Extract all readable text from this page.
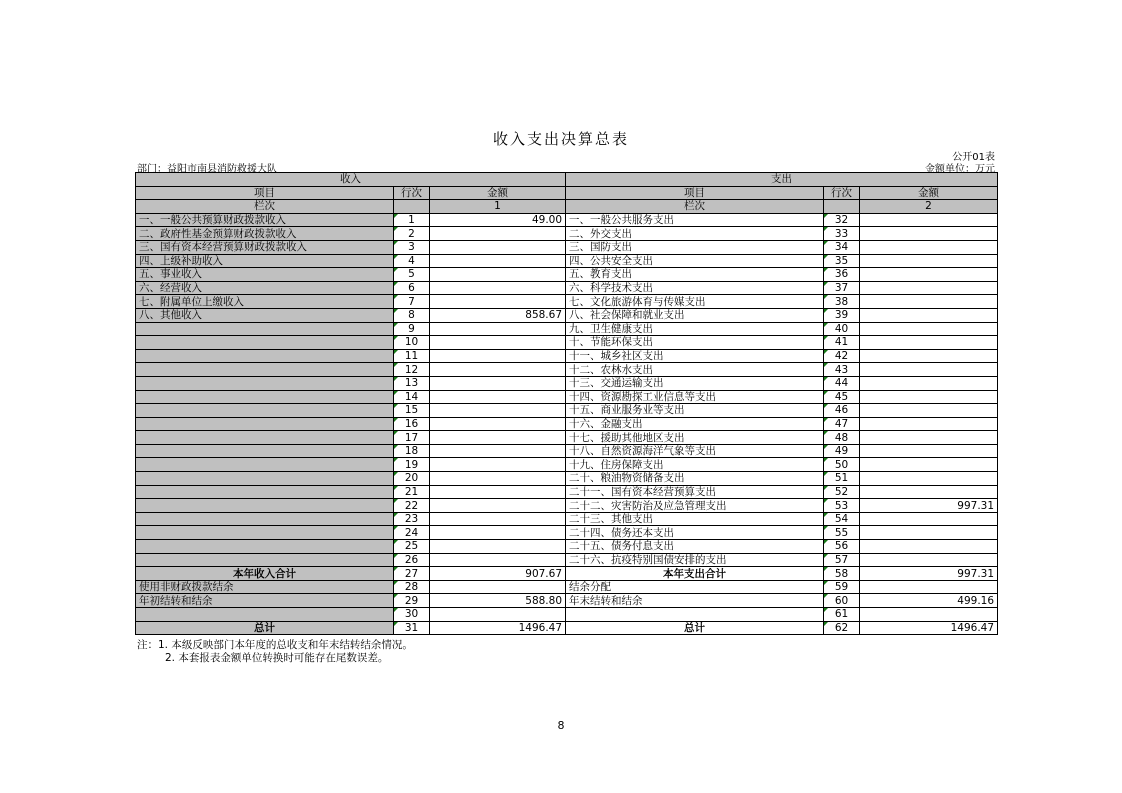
收入支出决算总表
公开01表
部门：益阳市南县消防救援大队	金额单位：万元
收入			支出		
项目	行次	金额	项目	行次	金额
栏次		1	栏次		2
一、一般公共预算财政拨款收入	1	49.00	一、一般公共服务支出	32	
二、政府性基金预算财政拨款收入	2		二、外交支出	33	
三、国有资本经营预算财政拨款收入	3		三、国防支出	34	
四、上级补助收入	4		四、公共安全支出	35	
五、事业收入	5		五、教育支出	36	
六、经营收入	6		六、科学技术支出	37	
七、附属单位上缴收入	7		七、文化旅游体育与传媒支出	38	
八、其他收入	8	858.67	八、社会保障和就业支出	39	
	9		九、卫生健康支出	40	
	10		十、节能环保支出	41	
	11		十一、城乡社区支出	42	
	12		十二、农林水支出	43	
	13		十三、交通运输支出	44	
	14		十四、资源勘探工业信息等支出	45	
	15		十五、商业服务业等支出	46	
	16		十六、金融支出	47	
	17		十七、援助其他地区支出	48	
	18		十八、自然资源海洋气象等支出	49	
	19		十九、住房保障支出	50	
	20		二十、粮油物资储备支出	51	
	21		二十一、国有资本经营预算支出	52	
	22		二十二、灾害防治及应急管理支出	53	997.31
	23		二十三、其他支出	54	
	24		二十四、债务还本支出	55	
	25		二十五、债务付息支出	56	
	26		二十六、抗疫特别国债安排的支出	57	
本年收入合计	27	907.67	本年支出合计	58	997.31
使用非财政拨款结余	28		结余分配	59	
年初结转和结余	29	588.80	年末结转和结余	60	499.16
	30			61	
总计	31	1496.47	总计	62	1496.47
注：1. 本级反映部门本年度的总收支和年末结转结余情况。
2. 本套报表金额单位转换时可能存在尾数误差。
8
